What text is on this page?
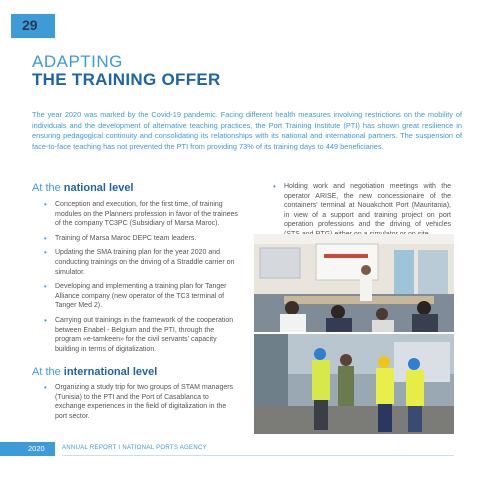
29
ADAPTING
THE TRAINING OFFER
The year 2020 was marked by the Covid-19 pandemic. Facing different health measures involving restrictions on the mobility of individuals and the development of alternative teaching practices, the Port Training Institute (PTI) has shown great resilience in ensuring pedagogical continuity and consolidating its relationships with its national and international partners. The suspension of face-to-face teaching has not prevented the PTI from providing 73% of its training days to 449 beneficiaries.
At the national level
• Conception and execution, for the first time, of training modules on the Planners profession in favor of the trainees of the company TC3PC (Subsidiary of Marsa Maroc).
• Training of Marsa Maroc DEPC team leaders.
• Updating the SMA training plan for the year 2020 and conducting trainings on the driving of a Straddle carrier on simulator.
• Developing and implementing a training plan for Tanger Alliance company (new operator of the TC3 terminal of Tanger Med 2).
• Carrying out trainings in the framework of the cooperation between Enabel - Belgium and the PTI, through the program «e-tamkeen» for the civil servants' capacity building in terms of digitalization.
At the international level
• Organizing a study trip for two groups of STAM managers (Tunisia) to the PTI and the Port of Casablanca to exchange experiences in the field of digitalization in the port sector.
• Holding work and negotiation meetings with the operator ARISE, the new concessionaire of the containers' terminal at Nouakchott Port (Mauritania), in view of a support and training project on port operation professions and the driving of vehicles
2020	ANNUAL REPORT I NATIONAL PORTS AGENCY
